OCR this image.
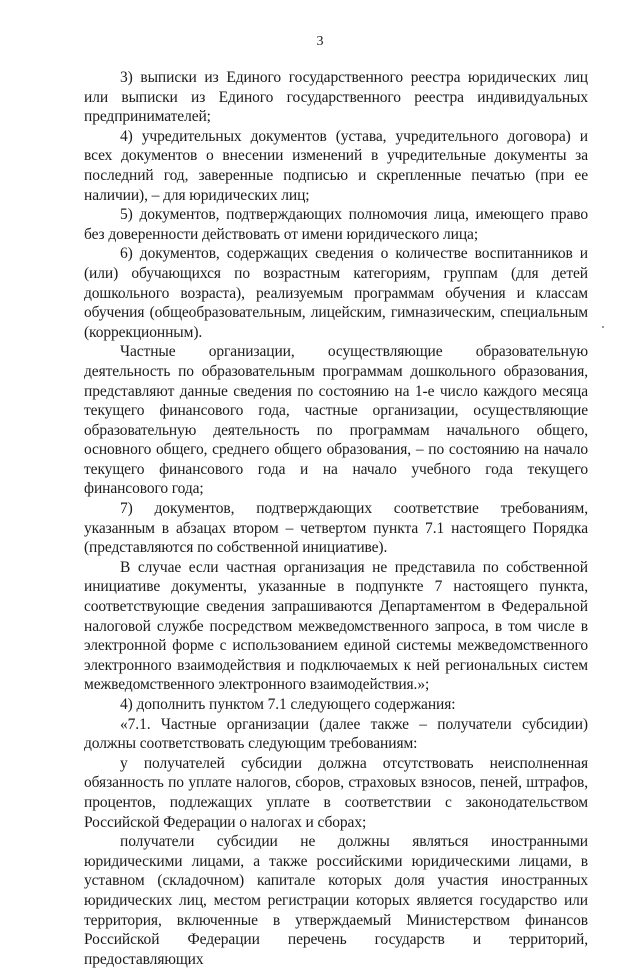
3

3) выписки из Единого государственного реестра юридических лиц или выписки из Единого государственного реестра индивидуальных предпринимателей;

4) учредительных документов (устава, учредительного договора) и всех документов о внесении изменений в учредительные документы за последний год, заверенные подписью и скрепленные печатью (при ее наличии), – для юридических лиц;

5) документов, подтверждающих полномочия лица, имеющего право без доверенности действовать от имени юридического лица;

6) документов, содержащих сведения о количестве воспитанников и (или) обучающихся по возрастным категориям, группам (для детей дошкольного возраста), реализуемым программам обучения и классам обучения (общеобразовательным, лицейским, гимназическим, специальным (коррекционным).

Частные организации, осуществляющие образовательную деятельность по образовательным программам дошкольного образования, представляют данные сведения по состоянию на 1-е число каждого месяца текущего финансового года, частные организации, осуществляющие образовательную деятельность по программам начального общего, основного общего, среднего общего образования, – по состоянию на начало текущего финансового года и на начало учебного года текущего финансового года;

7) документов, подтверждающих соответствие требованиям, указанным в абзацах втором – четвертом пункта 7.1 настоящего Порядка (представляются по собственной инициативе).

В случае если частная организация не представила по собственной инициативе документы, указанные в подпункте 7 настоящего пункта, соответствующие сведения запрашиваются Департаментом в Федеральной налоговой службе посредством межведомственного запроса, в том числе в электронной форме с использованием единой системы межведомственного электронного взаимодействия и подключаемых к ней региональных систем межведомственного электронного взаимодействия.»;

4) дополнить пунктом 7.1 следующего содержания:

«7.1. Частные организации (далее также – получатели субсидии) должны соответствовать следующим требованиям:

у получателей субсидии должна отсутствовать неисполненная обязанность по уплате налогов, сборов, страховых взносов, пеней, штрафов, процентов, подлежащих уплате в соответствии с законодательством Российской Федерации о налогах и сборах;

получатели субсидии не должны являться иностранными юридическими лицами, а также российскими юридическими лицами, в уставном (складочном) капитале которых доля участия иностранных юридических лиц, местом регистрации которых является государство или территория, включенные в утверждаемый Министерством финансов Российской Федерации перечень государств и территорий, предоставляющих
